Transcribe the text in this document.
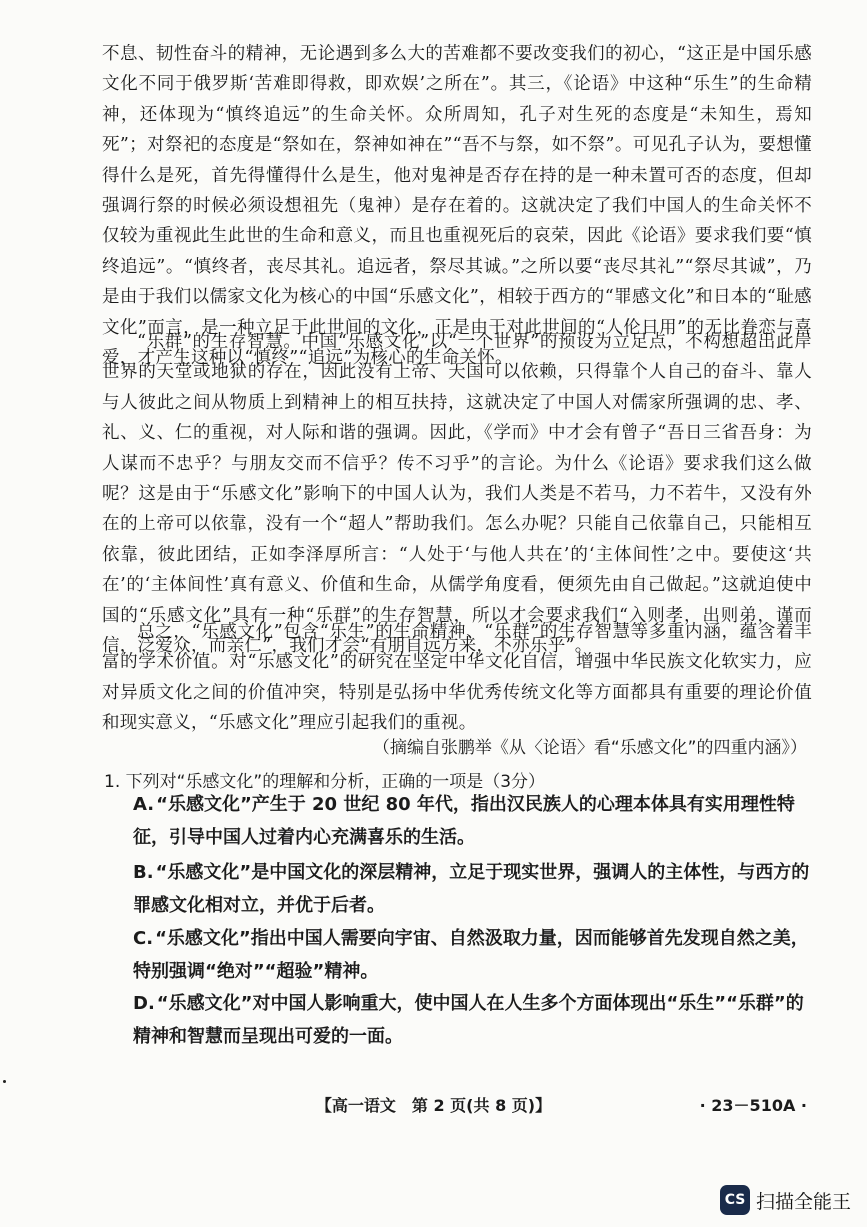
不息、韧性奋斗的精神，无论遇到多么大的苦难都不要改变我们的初心，“这正是中国乐感文化不同于俄罗斯‘苦难即得救，即欢娱’之所在”。其三，《论语》中这种“乐生”的生命精神，还体现为“慎终追远”的生命关怀。众所周知，孔子对生死的态度是“未知生，焉知死”；对祭祀的态度是“祭如在，祭神如神在”“吾不与祭，如不祭”。可见孔子认为，要想懂得什么是死，首先得懂得什么是生，他对鬼神是否存在持的是一种未置可否的态度，但却强调行祭的时候必须设想祖先（鬼神）是存在着的。这就决定了我们中国人的生命关怀不仅较为重视此生此世的生命和意义，而且也重视死后的哀荣，因此《论语》要求我们要“慎终追远”。“慎终者，丧尽其礼。追远者，祭尽其诚。”之所以要“丧尽其礼”“祭尽其诚”，乃是由于我们以儒家文化为核心的中国“乐感文化”，相较于西方的“罪感文化”和日本的“耻感文化”而言，是一种立足于此世间的文化，正是由于对此世间的“人伦日用”的无比眷恋与喜爱，才产生这种以“慎终”“追远”为核心的生命关怀。

“乐群”的生存智慧。中国“乐感文化”以“一个世界”的预设为立足点，不构想超出此岸世界的天堂或地狱的存在，因此没有上帝、天国可以依赖，只得靠个人自己的奋斗、靠人与人彼此之间从物质上到精神上的相互扶持，这就决定了中国人对儒家所强调的忠、孝、礼、义、仁的重视，对人际和谐的强调。因此，《学而》中才会有曾子“吾日三省吾身：为人谋而不忠乎？与朋友交而不信乎？传不习乎”的言论。为什么《论语》要求我们这么做呢？这是由于“乐感文化”影响下的中国人认为，我们人类是不若马，力不若牛，又没有外在的上帝可以依靠，没有一个“超人”帮助我们。怎么办呢？只能自己依靠自己，只能相互依靠，彼此团结，正如李泽厚所言：“人处于‘与他人共在’的‘主体间性’之中。要使这‘共在’的‘主体间性’真有意义、价值和生命，从儒学角度看，便须先由自己做起。”这就迫使中国的“乐感文化”具有一种“乐群”的生存智慧，所以才会要求我们“入则孝，出则弟，谨而信，泛爱众，而亲仁”，我们才会“有朋自远方来，不亦乐乎”。

总之，“乐感文化”包含“乐生”的生命精神、“乐群”的生存智慧等多重内涵，蕴含着丰富的学术价值。对“乐感文化”的研究在坚定中华文化自信，增强中华民族文化软实力，应对异质文化之间的价值冲突，特别是弘扬中华优秀传统文化等方面都具有重要的理论价值和现实意义，“乐感文化”理应引起我们的重视。

（摘编自张鹏举《从〈论语〉看“乐感文化”的四重内涵》）
1. 下列对“乐感文化”的理解和分析，正确的一项是（3分）

A. “乐感文化”产生于 20 世纪 80 年代，指出汉民族人的心理本体具有实用理性特征，引导中国人过着内心充满喜乐的生活。

B. “乐感文化”是中国文化的深层精神，立足于现实世界，强调人的主体性，与西方的罪感文化相对立，并优于后者。

C. “乐感文化”指出中国人需要向宇宙、自然汲取力量，因而能够首先发现自然之美，特别强调“绝对”“超验”精神。

D. “乐感文化”对中国人影响重大，使中国人在人生多个方面体现出“乐生”“乐群”的精神和智慧而呈现出可爱的一面。

【高一语文　第 2 页(共 8 页)】	· 23－510A ·
CS 扫描全能王
